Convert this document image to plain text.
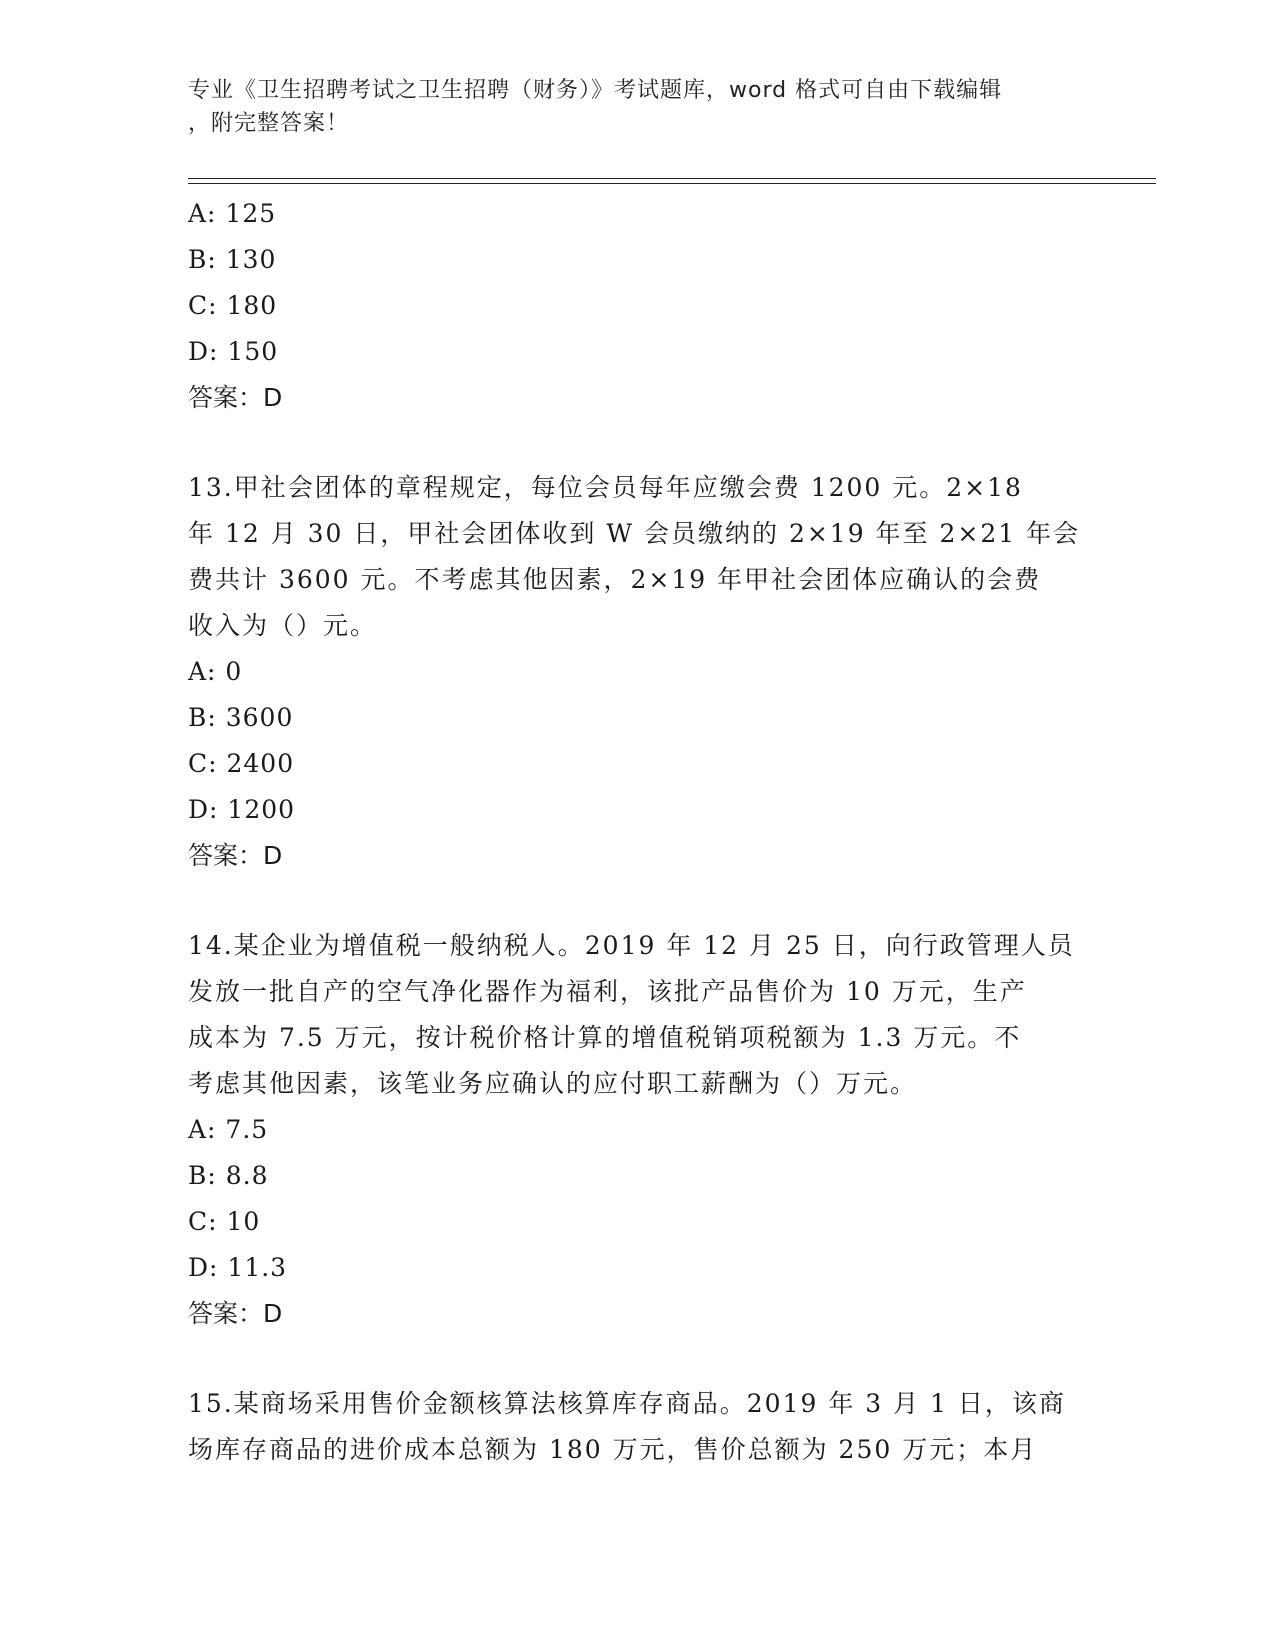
专业《卫生招聘考试之卫生招聘（财务）》考试题库，word 格式可自由下载编辑
，附完整答案！
A: 125
B: 130
C: 180
D: 150
答案：D
13.甲社会团体的章程规定，每位会员每年应缴会费 1200 元。2×18
年 12 月 30 日，甲社会团体收到 W 会员缴纳的 2×19 年至 2×21 年会
费共计 3600 元。不考虑其他因素，2×19 年甲社会团体应确认的会费
收入为（）元。
A: 0
B: 3600
C: 2400
D: 1200
答案：D
14.某企业为增值税一般纳税人。2019 年 12 月 25 日，向行政管理人员
发放一批自产的空气净化器作为福利，该批产品售价为 10 万元，生产
成本为 7.5 万元，按计税价格计算的增值税销项税额为 1.3 万元。不
考虑其他因素，该笔业务应确认的应付职工薪酬为（）万元。
A: 7.5
B: 8.8
C: 10
D: 11.3
答案：D
15.某商场采用售价金额核算法核算库存商品。2019 年 3 月 1 日，该商
场库存商品的进价成本总额为 180 万元，售价总额为 250 万元；本月
